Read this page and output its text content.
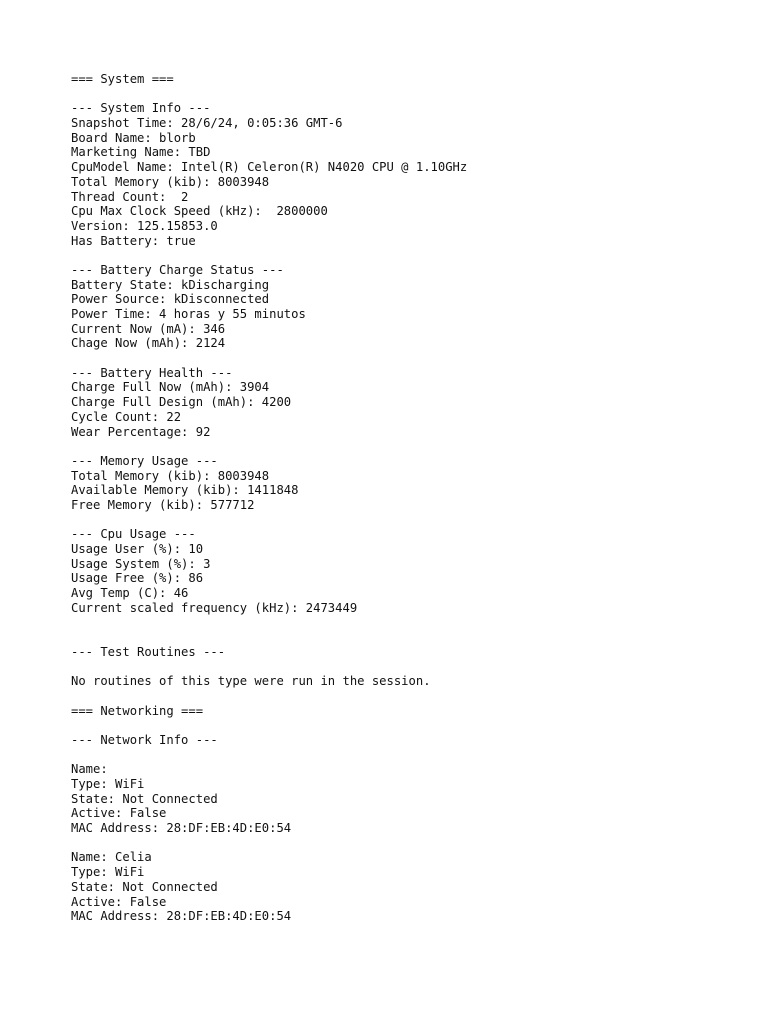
=== System ===
--- System Info ---
Snapshot Time: 28/6/24, 0:05:36 GMT-6
Board Name: blorb
Marketing Name: TBD
CpuModel Name: Intel(R) Celeron(R) N4020 CPU @ 1.10GHz
Total Memory (kib): 8003948
Thread Count:  2
Cpu Max Clock Speed (kHz):  2800000
Version: 125.15853.0
Has Battery: true
--- Battery Charge Status ---
Battery State: kDischarging
Power Source: kDisconnected
Power Time: 4 horas y 55 minutos
Current Now (mA): 346
Chage Now (mAh): 2124
--- Battery Health ---
Charge Full Now (mAh): 3904
Charge Full Design (mAh): 4200
Cycle Count: 22
Wear Percentage: 92
--- Memory Usage ---
Total Memory (kib): 8003948
Available Memory (kib): 1411848
Free Memory (kib): 577712
--- Cpu Usage ---
Usage User (%): 10
Usage System (%): 3
Usage Free (%): 86
Avg Temp (C): 46
Current scaled frequency (kHz): 2473449
--- Test Routines ---
No routines of this type were run in the session.
=== Networking ===
--- Network Info ---
Name:
Type: WiFi
State: Not Connected
Active: False
MAC Address: 28:DF:EB:4D:E0:54
Name: Celia
Type: WiFi
State: Not Connected
Active: False
MAC Address: 28:DF:EB:4D:E0:54
